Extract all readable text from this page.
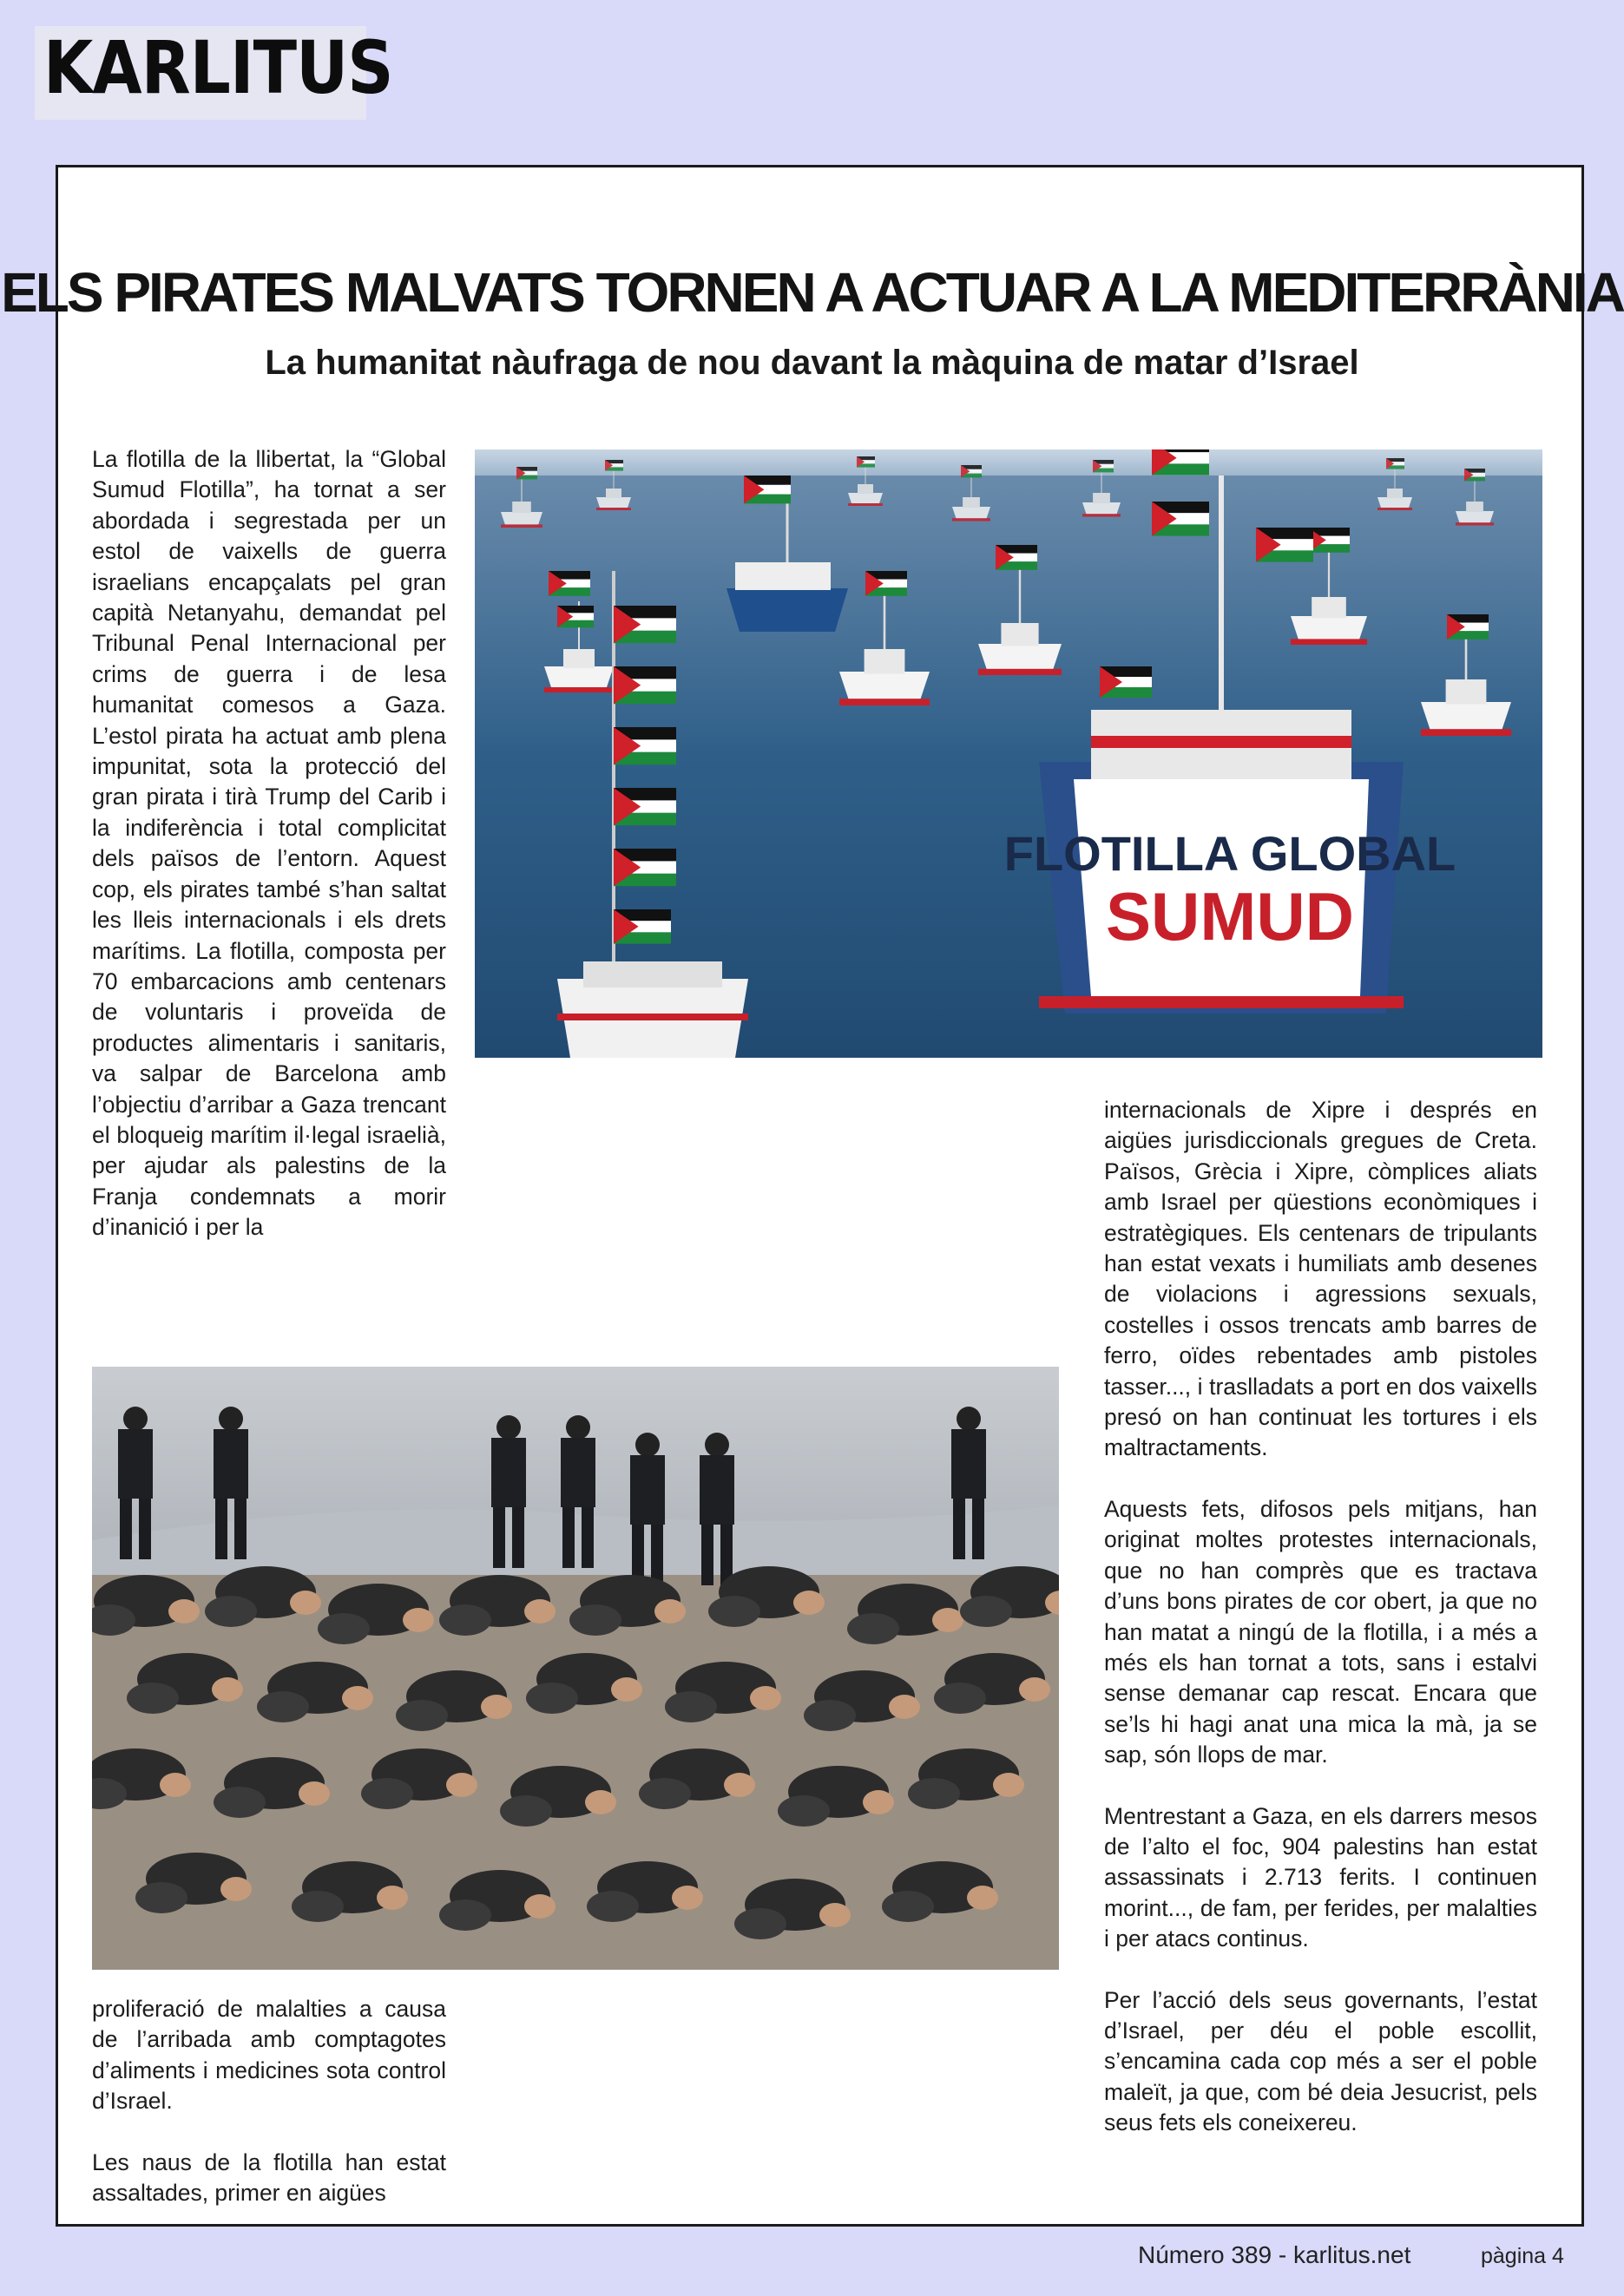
KARLITUS
ELS PIRATES MALVATS TORNEN A ACTUAR A LA MEDITERRÀNIA
La humanitat nàufraga de nou davant la màquina de matar d’Israel

La flotilla de la llibertat, la “Global Sumud Flotilla”, ha tornat a ser abordada i segrestada per un estol de vaixells de guerra israelians encapçalats pel gran capità Netanyahu, demandat pel Tribunal Penal Internacional per crims de guerra i de lesa humanitat comesos a Gaza. L’estol pirata ha actuat amb plena impunitat, sota la protecció del gran pirata i tirà Trump del Carib i la indiferència i total complicitat dels països de l’entorn. Aquest cop, els pirates també s’han saltat les lleis internacionals i els drets marítims. La flotilla, composta per 70 embarcacions amb centenars de voluntaris i proveïda de productes alimentaris i sanitaris, va salpar de Barcelona amb l’objectiu d’arribar a Gaza trencant el bloqueig marítim il·legal israelià, per ajudar als palestins de la Franja condemnats a morir d’inanició i per la

FLOTILLA GLOBAL
SUMUD

internacionals de Xipre i després en aigües jurisdiccionals gregues de Creta. Països, Grècia i Xipre, còmplices aliats amb Israel per qüestions econòmiques i estratègiques. Els centenars de tripulants han estat vexats i humiliats amb desenes de violacions i agressions sexuals, costelles i ossos trencats amb barres de ferro, oïdes rebentades amb pistoles tasser..., i traslladats a port en dos vaixells presó on han continuat les tortures i els maltractaments.

Aquests fets, difosos pels mitjans, han originat moltes protestes internacionals, que no han comprès que es tractava d’uns bons pirates de cor obert, ja que no han matat a ningú de la flotilla, i a més a més els han tornat a tots, sans i estalvi sense demanar cap rescat. Encara que se’ls hi hagi anat una mica la mà, ja se sap, són llops de mar.

Mentrestant a Gaza, en els darrers mesos de l’alto el foc, 904 palestins han estat assassinats i 2.713 ferits. I continuen morint..., de fam, per ferides, per malalties i per atacs continus.

Per l’acció dels seus governants, l’estat d’Israel, per déu el poble escollit, s’encamina cada cop més a ser el poble maleït, ja que, com bé deia Jesucrist, pels seus fets els coneixereu.

proliferació de malalties a causa de l’arribada amb comptagotes d’aliments i medicines sota control d’Israel.

Les naus de la flotilla han estat assaltades, primer en aigües

Número 389 - karlitus.net	pàgina 4
